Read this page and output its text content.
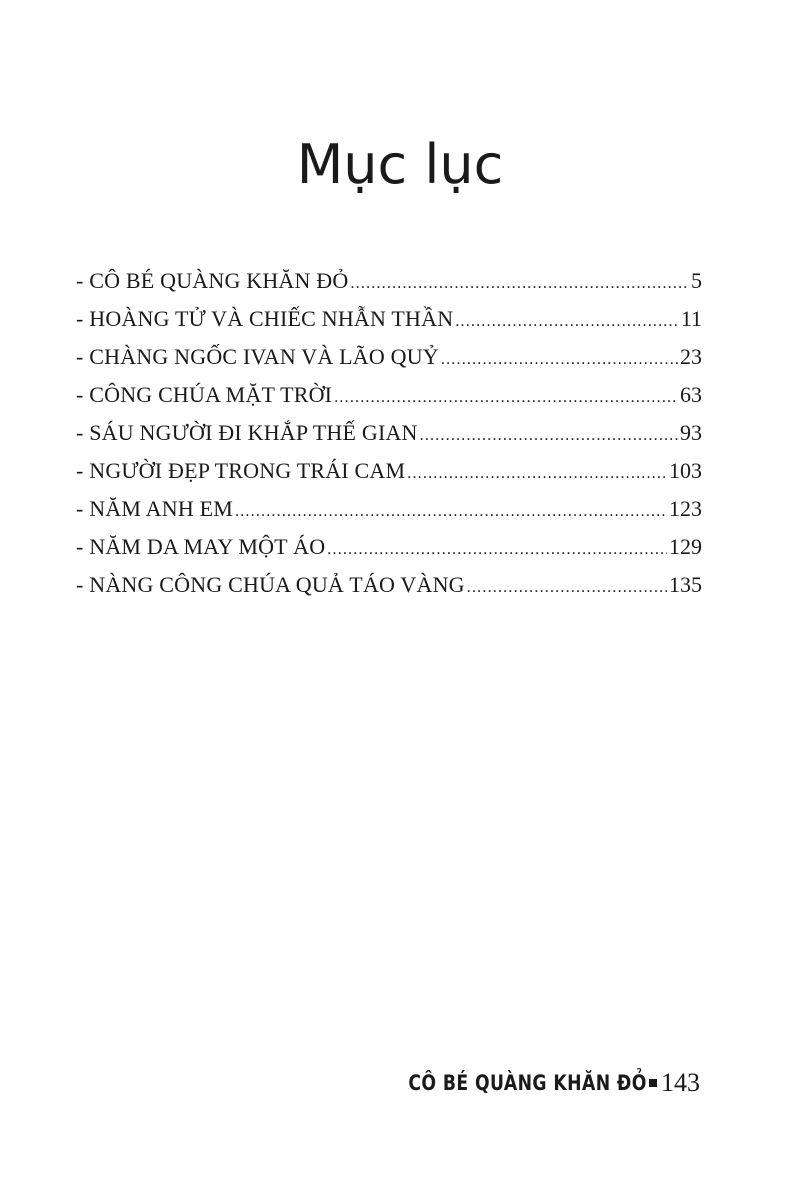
Mục lục
- CÔ BÉ QUÀNG KHĂN ĐỎ .....	5
- HOÀNG TỬ VÀ CHIẾC NHẪN THẦN .....	11
- CHÀNG NGỐC IVAN VÀ LÃO QUỶ .....	23
- CÔNG CHÚA MẶT TRỜI .....	63
- SÁU NGƯỜI ĐI KHẮP THẾ GIAN .....	93
- NGƯỜI ĐẸP TRONG TRÁI CAM .....	103
- NĂM ANH EM .....	123
- NĂM DA MAY MỘT ÁO .....	129
- NÀNG CÔNG CHÚA QUẢ TÁO VÀNG .....	135
CÔ BÉ QUÀNG KHĂN ĐỎ 143
